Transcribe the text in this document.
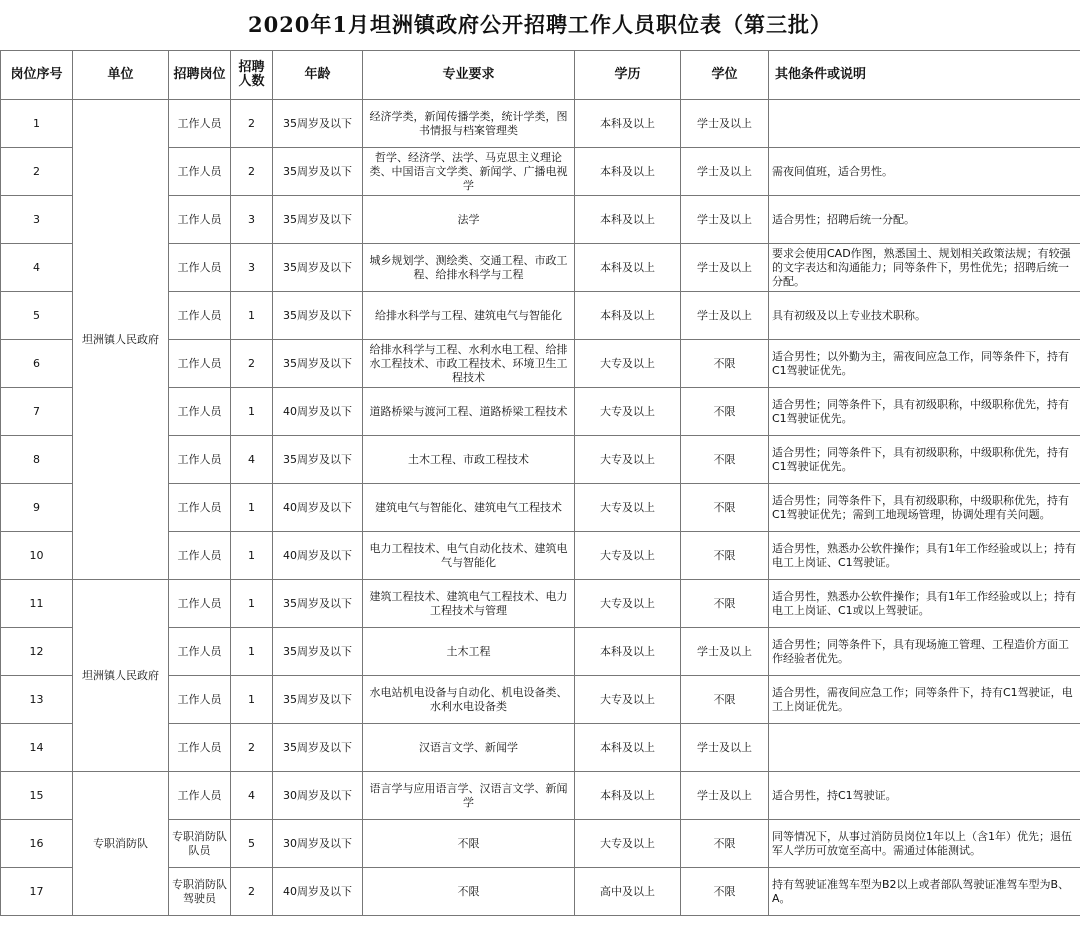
2020年1月坦洲镇政府公开招聘工作人员职位表（第三批）
岗位序号	单位	招聘岗位	招聘人数	年龄	专业要求	学历	学位	其他条件或说明
1	坦洲镇人民政府	工作人员	2	35周岁及以下	经济学类，新闻传播学类，统计学类，图书情报与档案管理类	本科及以上	学士及以上	
2		工作人员	2	35周岁及以下	哲学、经济学、法学、马克思主义理论类、中国语言文学类、新闻学、广播电视学	本科及以上	学士及以上	需夜间值班，适合男性。
3		工作人员	3	35周岁及以下	法学	本科及以上	学士及以上	适合男性；招聘后统一分配。
4		工作人员	3	35周岁及以下	城乡规划学、测绘类、交通工程、市政工程、给排水科学与工程	本科及以上	学士及以上	要求会使用CAD作图，熟悉国土、规划相关政策法规；有较强的文字表达和沟通能力；同等条件下，男性优先；招聘后统一分配。
5		工作人员	1	35周岁及以下	给排水科学与工程、建筑电气与智能化	本科及以上	学士及以上	具有初级及以上专业技术职称。
6		工作人员	2	35周岁及以下	给排水科学与工程、水利水电工程、给排水工程技术、市政工程技术、环境卫生工程技术	大专及以上	不限	适合男性；以外勤为主，需夜间应急工作，同等条件下，持有C1驾驶证优先。
7		工作人员	1	40周岁及以下	道路桥梁与渡河工程、道路桥梁工程技术	大专及以上	不限	适合男性；同等条件下，具有初级职称，中级职称优先，持有C1驾驶证优先。
8		工作人员	4	35周岁及以下	土木工程、市政工程技术	大专及以上	不限	适合男性；同等条件下，具有初级职称，中级职称优先，持有C1驾驶证优先。
9		工作人员	1	40周岁及以下	建筑电气与智能化、建筑电气工程技术	大专及以上	不限	适合男性；同等条件下，具有初级职称，中级职称优先，持有C1驾驶证优先；需到工地现场管理，协调处理有关问题。
10		工作人员	1	40周岁及以下	电力工程技术、电气自动化技术、建筑电气与智能化	大专及以上	不限	适合男性，熟悉办公软件操作；具有1年工作经验或以上；持有电工上岗证、C1驾驶证。
11	坦洲镇人民政府	工作人员	1	35周岁及以下	建筑工程技术、建筑电气工程技术、电力工程技术与管理	大专及以上	不限	适合男性，熟悉办公软件操作；具有1年工作经验或以上；持有电工上岗证、C1或以上驾驶证。
12		工作人员	1	35周岁及以下	土木工程	本科及以上	学士及以上	适合男性；同等条件下，具有现场施工管理、工程造价方面工作经验者优先。
13		工作人员	1	35周岁及以下	水电站机电设备与自动化、机电设备类、水利水电设备类	大专及以上	不限	适合男性，需夜间应急工作；同等条件下，持有C1驾驶证，电工上岗证优先。
14		工作人员	2	35周岁及以下	汉语言文学、新闻学	本科及以上	学士及以上	
15	专职消防队	工作人员	4	30周岁及以下	语言学与应用语言学、汉语言文学、新闻学	本科及以上	学士及以上	适合男性，持C1驾驶证。
16		专职消防队队员	5	30周岁及以下	不限	大专及以上	不限	同等情况下，从事过消防员岗位1年以上（含1年）优先；退伍军人学历可放宽至高中。需通过体能测试。
17		专职消防队驾驶员	2	40周岁及以下	不限	高中及以上	不限	持有驾驶证准驾车型为B2以上或者部队驾驶证准驾车型为B、A。
